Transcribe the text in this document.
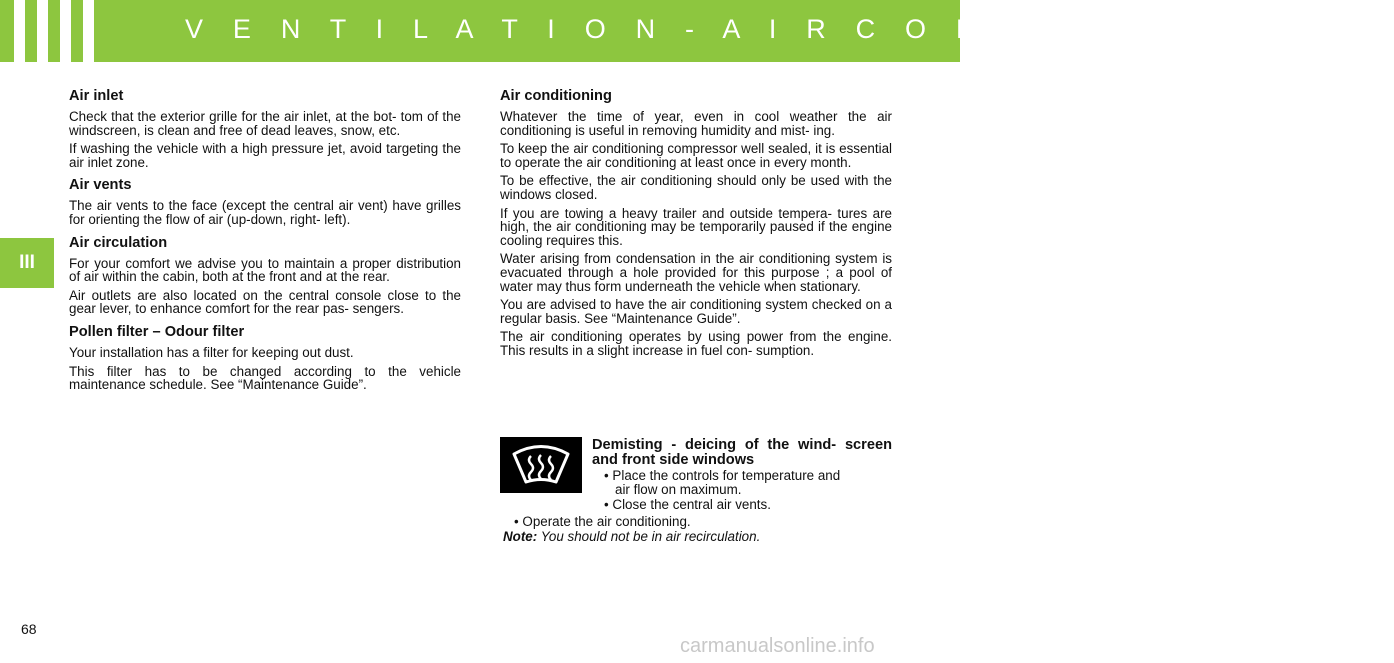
V E N T I L A T I O N - A I R C O N D I T I O N I N G
III
Air inlet

Check that the exterior grille for the air inlet, at the bot- tom of the windscreen, is clean and free of dead leaves, snow, etc.

If washing the vehicle with a high pressure jet, avoid targeting the air inlet zone.

Air vents

The air vents to the face (except the central air vent) have grilles for orienting the flow of air (up-down, right- left).

Air circulation

For your comfort we advise you to maintain a proper distribution of air within the cabin, both at the front and at the rear.

Air outlets are also located on the central console close to the gear lever, to enhance comfort for the rear pas- sengers.

Pollen filter – Odour filter

Your installation has a filter for keeping out dust.

This filter has to be changed according to the vehicle maintenance schedule. See “Maintenance Guide”.

Air conditioning

Whatever the time of year, even in cool weather the air conditioning is useful in removing humidity and mist- ing.

To keep the air conditioning compressor well sealed, it is essential to operate the air conditioning at least once in every month.

To be effective, the air conditioning should only be used with the windows closed.

If you are towing a heavy trailer and outside tempera- tures are high, the air conditioning may be temporarily paused if the engine cooling requires this.

Water arising from condensation in the air conditioning system is evacuated through a hole provided for this purpose ; a pool of water may thus form underneath the vehicle when stationary.

You are advised to have the air conditioning system checked on a regular basis. See “Maintenance Guide”.

The air conditioning operates by using power from the engine. This results in a slight increase in fuel con- sumption.

Demisting - deicing of the wind- screen and front side windows

• Place the controls for temperature and
air flow on maximum.
• Close the central air vents.
• Operate the air conditioning.
Note: You should not be in air recirculation.
68
carmanualsonline.info
